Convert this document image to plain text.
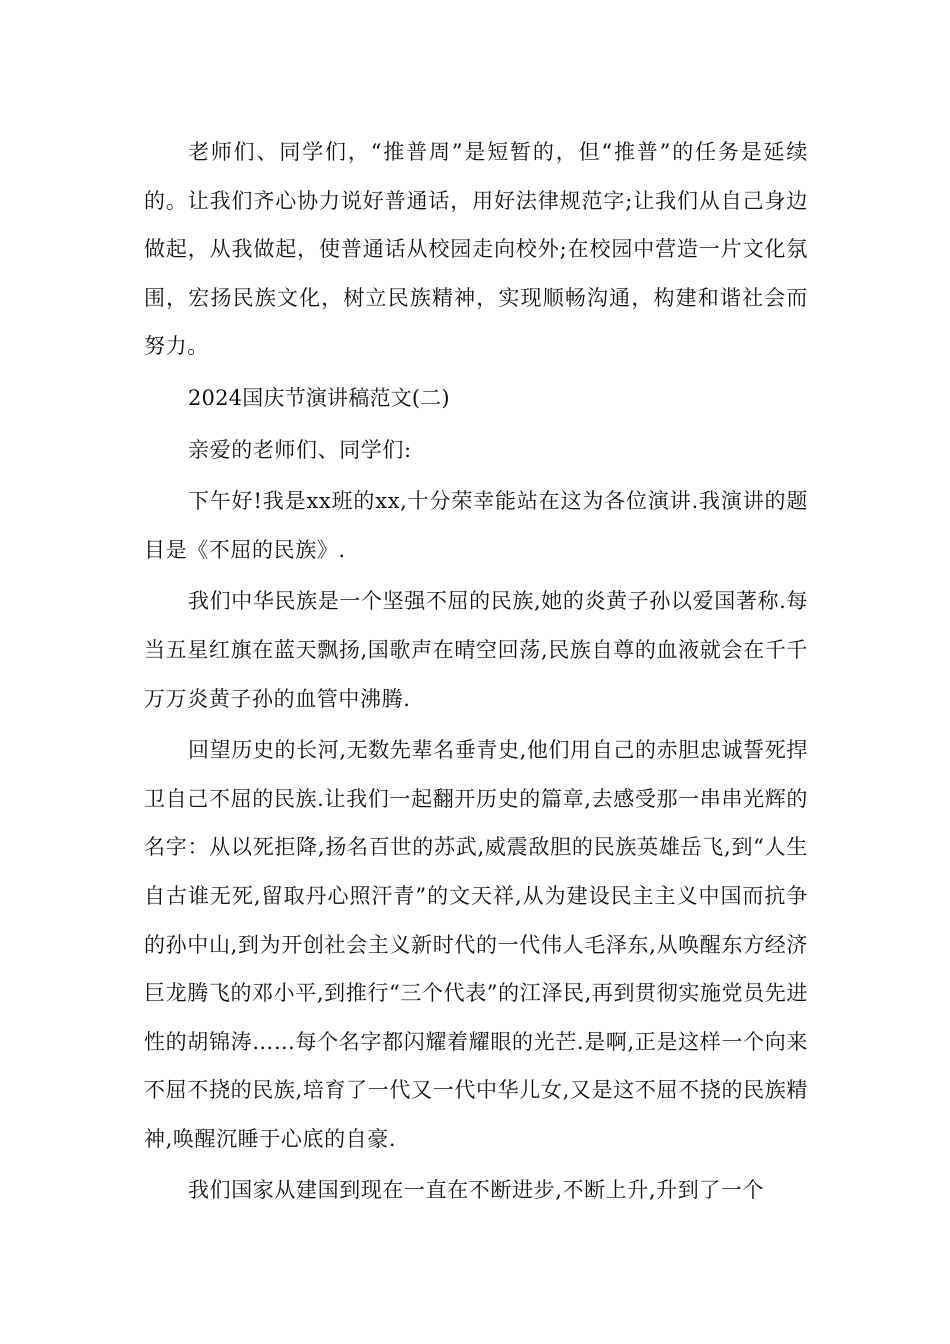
老师们、同学们，“推普周”是短暂的，但“推普”的任务是延续的。让我们齐心协力说好普通话，用好法律规范字;让我们从自己身边做起，从我做起，使普通话从校园走向校外;在校园中营造一片文化氛围，宏扬民族文化，树立民族精神，实现顺畅沟通，构建和谐社会而努力。

2024国庆节演讲稿范文(二)

亲爱的老师们、同学们:

下午好!我是xx班的xx,十分荣幸能站在这为各位演讲.我演讲的题目是《不屈的民族》.

我们中华民族是一个坚强不屈的民族,她的炎黄子孙以爱国著称.每当五星红旗在蓝天飘扬,国歌声在晴空回荡,民族自尊的血液就会在千千万万炎黄子孙的血管中沸腾.

回望历史的长河,无数先辈名垂青史,他们用自己的赤胆忠诚誓死捍卫自己不屈的民族.让我们一起翻开历史的篇章,去感受那一串串光辉的名字：从以死拒降,扬名百世的苏武,威震敌胆的民族英雄岳飞,到“人生自古谁无死,留取丹心照汗青”的文天祥,从为建设民主主义中国而抗争的孙中山,到为开创社会主义新时代的一代伟人毛泽东,从唤醒东方经济巨龙腾飞的邓小平,到推行“三个代表”的江泽民,再到贯彻实施党员先进性的胡锦涛……每个名字都闪耀着耀眼的光芒.是啊,正是这样一个向来不屈不挠的民族,培育了一代又一代中华儿女,又是这不屈不挠的民族精神,唤醒沉睡于心底的自豪.

我们国家从建国到现在一直在不断进步,不断上升,升到了一个
